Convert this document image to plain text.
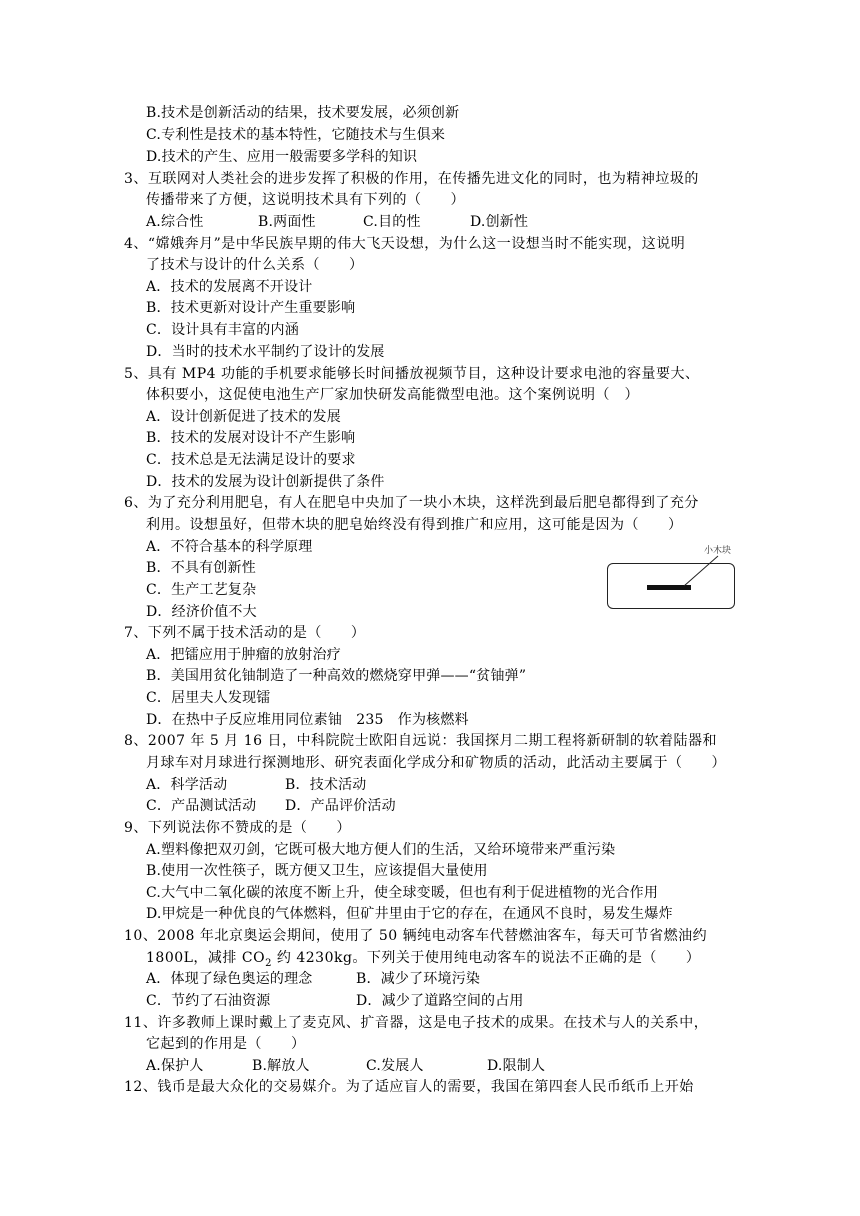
B.技术是创新活动的结果，技术要发展，必须创新
C.专利性是技术的基本特性，它随技术与生俱来
D.技术的产生、应用一般需要多学科的知识
3、互联网对人类社会的进步发挥了积极的作用，在传播先进文化的同时，也为精神垃圾的
传播带来了方便，这说明技术具有下列的（　　）
A.综合性	B.两面性	C.目的性	D.创新性
4、“嫦娥奔月”是中华民族早期的伟大飞天设想，为什么这一设想当时不能实现，这说明
了技术与设计的什么关系（　　）
A．技术的发展离不开设计
B．技术更新对设计产生重要影响
C．设计具有丰富的内涵
D．当时的技术水平制约了设计的发展
5、具有 MP4 功能的手机要求能够长时间播放视频节目，这种设计要求电池的容量要大、
体积要小，这促使电池生产厂家加快研发高能微型电池。这个案例说明（　）
A．设计创新促进了技术的发展
B．技术的发展对设计不产生影响
C．技术总是无法满足设计的要求
D．技术的发展为设计创新提供了条件
6、为了充分利用肥皂，有人在肥皂中央加了一块小木块，这样洗到最后肥皂都得到了充分
利用。设想虽好，但带木块的肥皂始终没有得到推广和应用，这可能是因为（　　）
A．不符合基本的科学原理
B．不具有创新性
C．生产工艺复杂
D．经济价值不大
小木块
7、下列不属于技术活动的是（　　）
A．把镭应用于肿瘤的放射治疗
B．美国用贫化铀制造了一种高效的燃烧穿甲弹——“贫铀弹”
C．居里夫人发现镭
D．在热中子反应堆用同位素铀　235　作为核燃料
8、2007 年 5 月 16 日，中科院院士欧阳自远说：我国探月二期工程将新研制的软着陆器和
月球车对月球进行探测地形、研究表面化学成分和矿物质的活动，此活动主要属于（　　）
A．科学活动	B．技术活动
C．产品测试活动 D．产品评价活动
9、下列说法你不赞成的是（　　）
A.塑料像把双刃剑，它既可极大地方便人们的生活，又给环境带来严重污染
B.使用一次性筷子，既方便又卫生，应该提倡大量使用
C.大气中二氧化碳的浓度不断上升，使全球变暖，但也有利于促进植物的光合作用
D.甲烷是一种优良的气体燃料，但矿井里由于它的存在，在通风不良时，易发生爆炸
10、2008 年北京奥运会期间，使用了 50 辆纯电动客车代替燃油客车，每天可节省燃油约
1800L，减排 $CO_2$ 约 4230kg。下列关于使用纯电动客车的说法不正确的是（　　）
A．体现了绿色奥运的理念	B．减少了环境污染
C．节约了石油资源	D．减少了道路空间的占用
11、许多教师上课时戴上了麦克风、扩音器，这是电子技术的成果。在技术与人的关系中，
它起到的作用是（　　）
A.保护人	B.解放人	C.发展人	D.限制人
12、钱币是最大众化的交易媒介。为了适应盲人的需要，我国在第四套人民币纸币上开始
